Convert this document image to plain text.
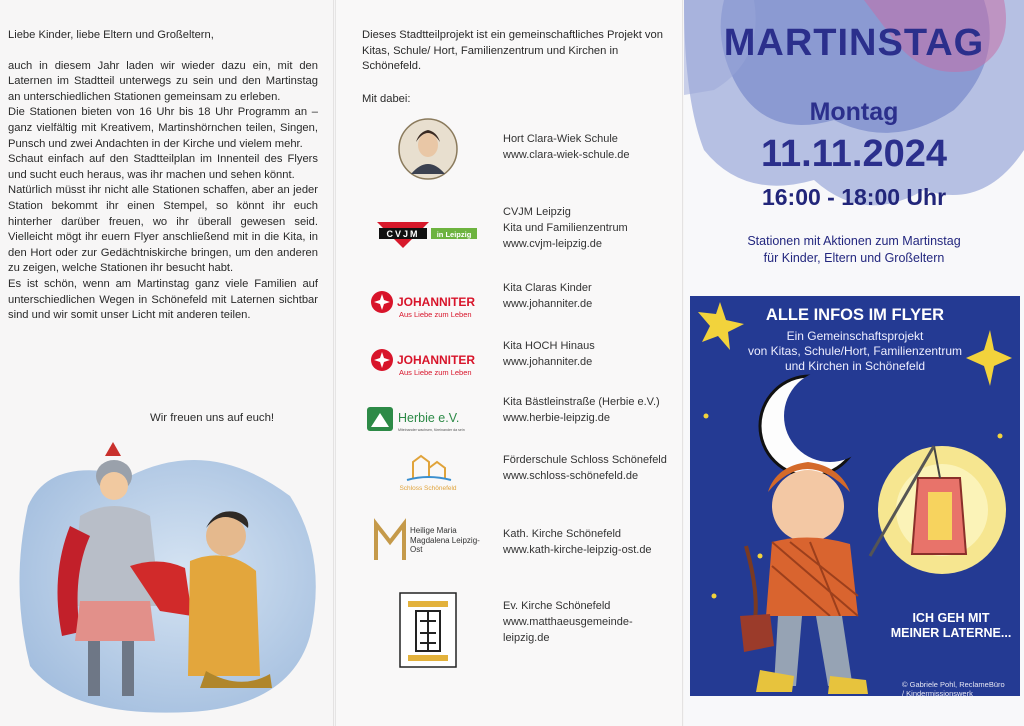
Liebe Kinder, liebe Eltern und Großeltern,

auch in diesem Jahr laden wir wieder dazu ein, mit den Laternen im Stadtteil unterwegs zu sein und den Martinstag an unterschiedlichen Stationen gemeinsam zu erleben.

Die Stationen bieten von 16 Uhr bis 18 Uhr Programm an – ganz vielfältig mit Kreativem, Martinshörnchen teilen, Singen, Punsch und zwei Andachten in der Kirche und vielem mehr.

Schaut einfach auf den Stadtteilplan im Innenteil des Flyers und sucht euch heraus, was ihr machen und sehen könnt.

Natürlich müsst ihr nicht alle Stationen schaffen, aber an jeder Station bekommt ihr einen Stempel, so könnt ihr euch hinterher darüber freuen, wo ihr überall gewesen seid. Vielleicht mögt ihr euern Flyer anschließend mit in die Kita, in den Hort oder zur Gedächtniskirche bringen, um den anderen zu zeigen, welche Stationen ihr besucht habt.

Es ist schön, wenn am Martinstag ganz viele Familien auf unterschiedlichen Wegen in Schönefeld mit Laternen sichtbar sind und wir somit unser Licht mit anderen teilen.

Wir freuen uns auf euch!
Dieses Stadtteilprojekt ist ein gemeinschaftliches Projekt von Kitas, Schule/ Hort, Familienzentrum und Kirchen in Schönefeld.
Mit dabei:
Hort Clara-Wiek Schule
www.clara-wiek-schule.de
CVJM in Leipzig
CVJM Leipzig
Kita und Familienzentrum
www.cvjm-leipzig.de
JOHANNITER
Aus Liebe zum Leben
Kita Claras Kinder
www.johanniter.de
JOHANNITER
Aus Liebe zum Leben
Kita HOCH Hinaus
www.johanniter.de
Herbie e.V.
Miteinander wachsen, füreinander da sein
Kita Bästleinstraße (Herbie e.V.)
www.herbie-leipzig.de
Schloss Schönefeld
Förderschule Schloss Schönefeld
www.schloss-schönefeld.de
Heilige Maria Magdalena Leipzig-Ost
Kath. Kirche Schönefeld
www.kath-kirche-leipzig-ost.de
Ev. Kirche Schönefeld
www.matthaeusgemeinde-
leipzig.de
MARTINSTAG
Montag
11.11.2024
16:00 - 18:00 Uhr
Stationen mit Aktionen zum Martinstag
für Kinder, Eltern und Großeltern
ALLE INFOS IM FLYER
Ein Gemeinschaftsprojekt
von Kitas, Schule/Hort, Familienzentrum
und Kirchen in Schönefeld
ICH GEH MIT
MEINER LATERNE...
© Gabriele Pohl, ReclameBüro
/ Kindermissionswerk
